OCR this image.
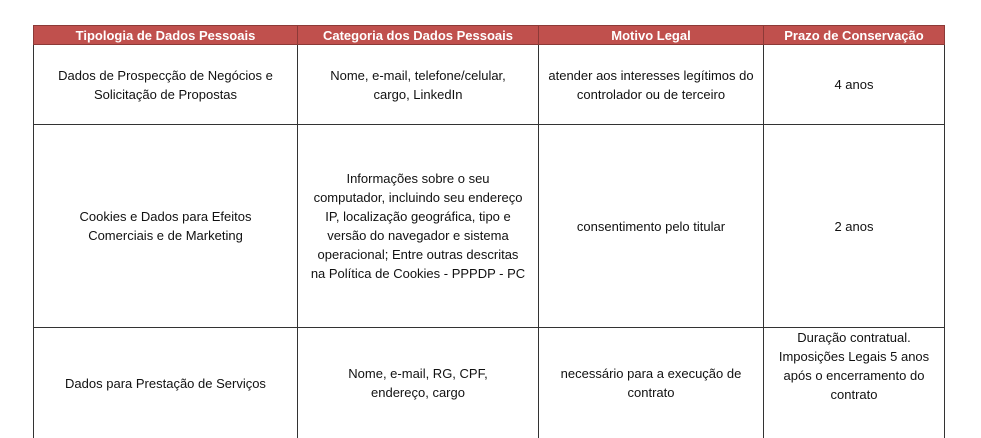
Tipologia de Dados Pessoais	Categoria dos Dados Pessoais	Motivo Legal	Prazo de Conservação

Dados de Prospecção de Negócios e Solicitação de Propostas	Nome, e-mail, telefone/celular, cargo, LinkedIn	atender aos interesses legítimos do controlador ou de terceiro	4 anos

Cookies e Dados para Efeitos Comerciais e de Marketing	Informações sobre o seu computador, incluindo seu endereço IP, localização geográfica, tipo e versão do navegador e sistema operacional; Entre outras descritas na Política de Cookies - PPPDP - PC	consentimento pelo titular	2 anos

Dados para Prestação de Serviços	Nome, e-mail, RG, CPF, endereço, cargo	necessário para a execução de contrato	Duração contratual. Imposições Legais 5 anos após o encerramento do contrato
